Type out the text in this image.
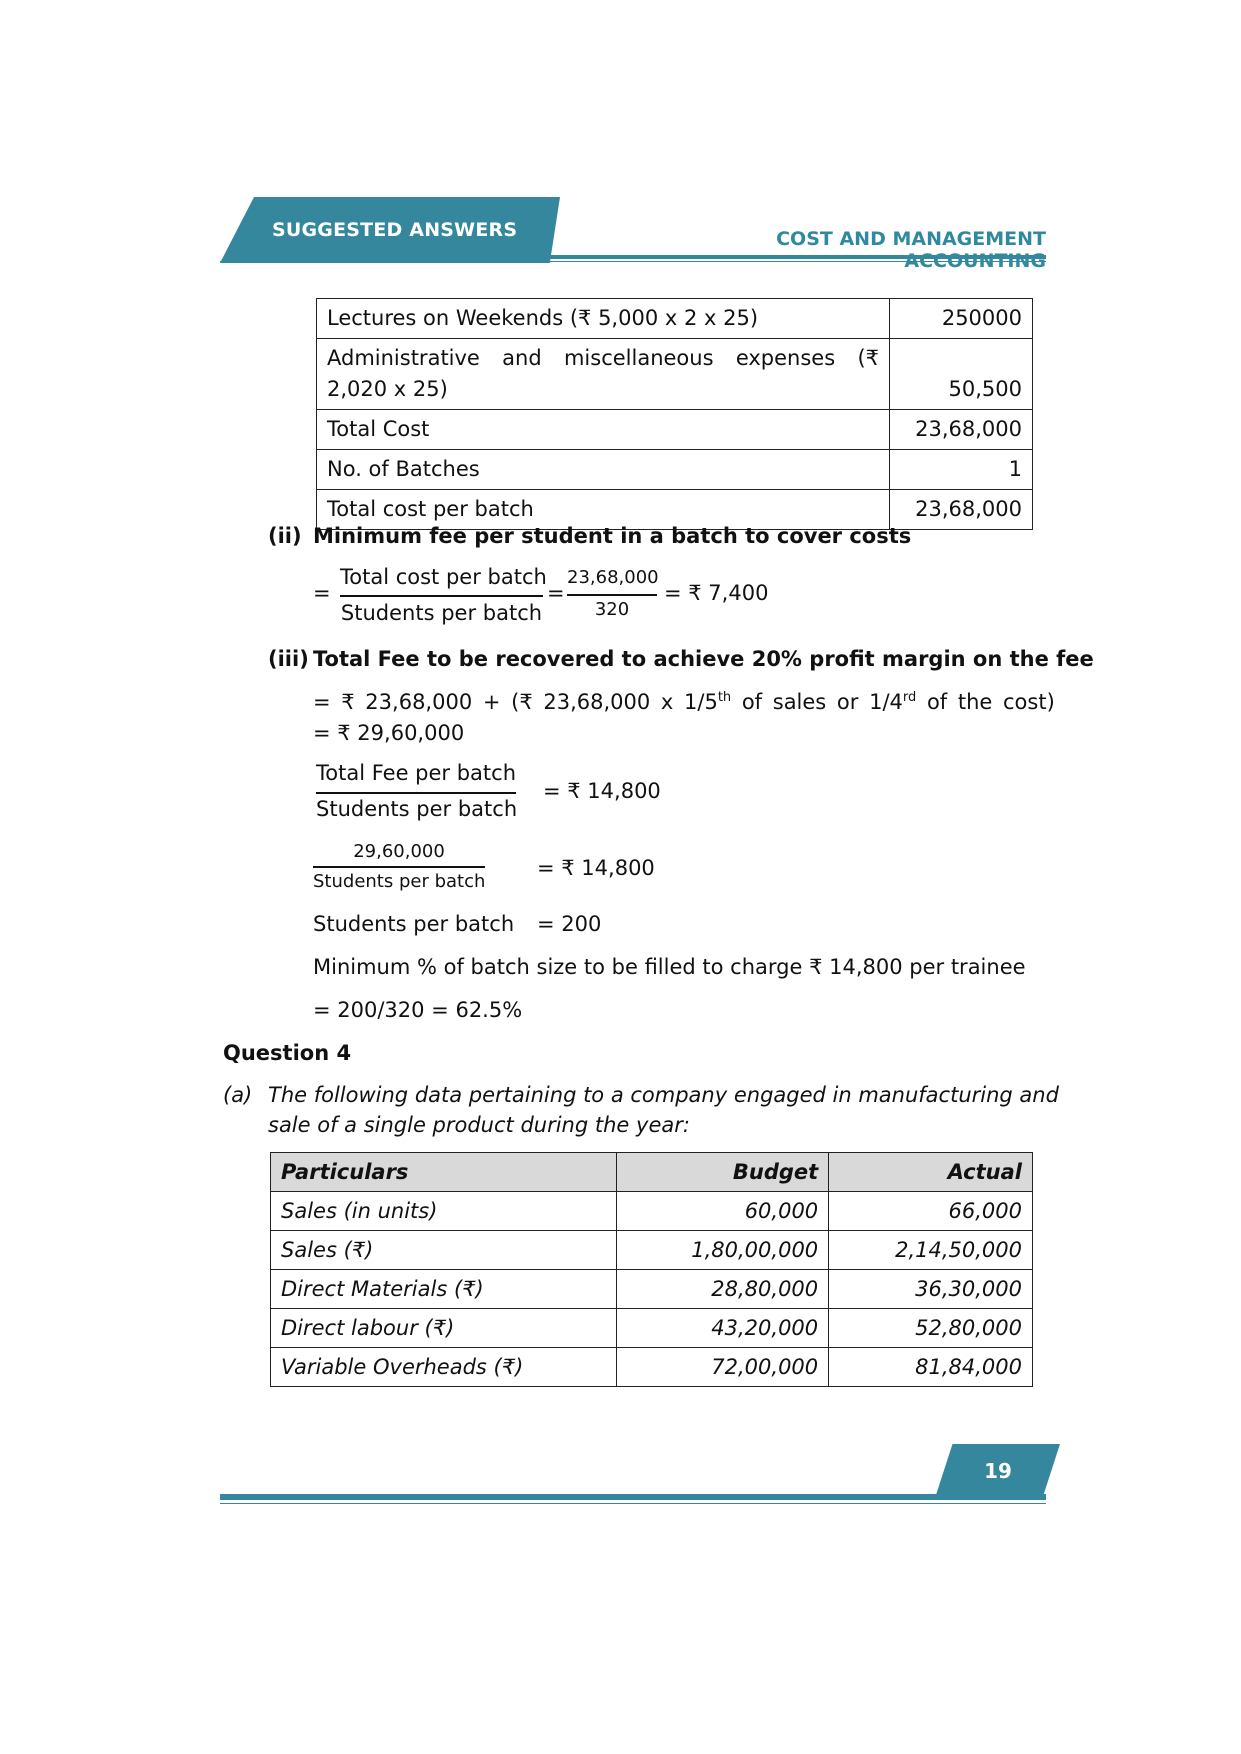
SUGGESTED ANSWERS	COST AND MANAGEMENT
Lectures on Weekends (₹ 5,000 x 2 x 25)	250000
Administrative and miscellaneous expenses (₹ 2,020 x 25)	50,500
Total Cost	23,68,000
No. of Batches	1
Total cost per batch	23,68,000
(ii) Minimum fee per student in a batch to cover costs
=
Total cost per batch
Students per batch
=
23,68,000
320
= ₹ 7,400
(iii) Total Fee to be recovered to achieve 20% profit margin on the fee
= ₹ 23,68,000 + (₹ 23,68,000 x 1/5th of sales or 1/4rd of the cost)
= ₹ 29,60,000
Total Fee per batch
Students per batch
= ₹ 14,800
29,60,000
Students per batch
= ₹ 14,800
Students per batch = 200
Minimum % of batch size to be filled to charge ₹ 14,800 per trainee
= 200/320 = 62.5%
Question 4
(a) The following data pertaining to a company engaged in manufacturing and
sale of a single product during the year:
Particulars	Budget	Actual
Sales (in units)	60,000	66,000
Sales (₹)	1,80,00,000	2,14,50,000
Direct Materials (₹)	28,80,000	36,30,000
Direct labour (₹)	43,20,000	52,80,000
Variable Overheads (₹)	72,00,000	81,84,000
19
